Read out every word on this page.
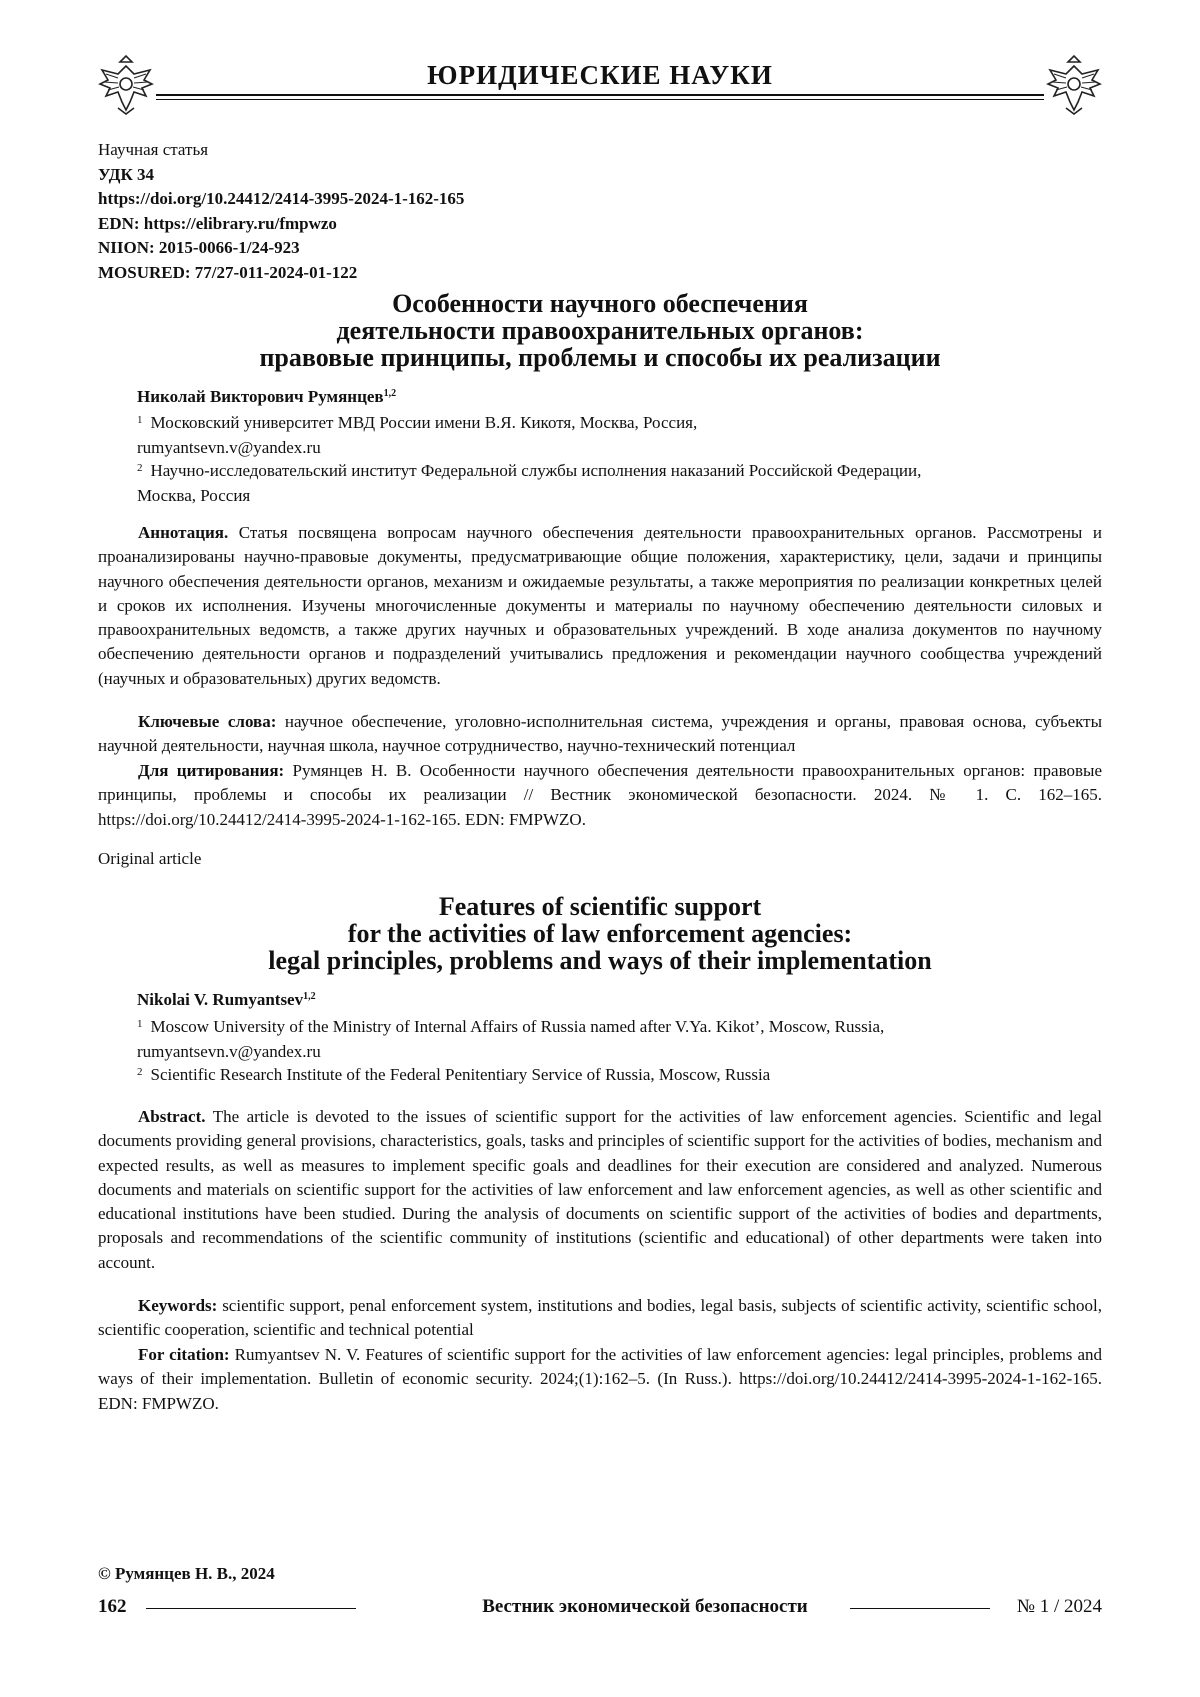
ЮРИДИЧЕСКИЕ НАУКИ
Научная статья
УДК 34
https://doi.org/10.24412/2414-3995-2024-1-162-165
EDN: https://elibrary.ru/fmpwzo
NIION: 2015-0066-1/24-923
MOSURED: 77/27-011-2024-01-122
Особенности научного обеспечения
деятельности правоохранительных органов:
правовые принципы, проблемы и способы их реализации
Николай Викторович Румянцев$^{1,2}$
$^1$ Московский университет МВД России имени В.Я. Кикотя, Москва, Россия,
rumyantsevn.v@yandex.ru
$^2$ Научно-исследовательский институт Федеральной службы исполнения наказаний Российской Федерации,
Москва, Россия

Аннотация. Статья посвящена вопросам научного обеспечения деятельности правоохранительных органов. Рассмотрены и проанализированы научно-правовые документы, предусматривающие общие положения, характеристику, цели, задачи и принципы научного обеспечения деятельности органов, механизм и ожидаемые результаты, а также мероприятия по реализации конкретных целей и сроков их исполнения. Изучены многочисленные документы и материалы по научному обеспечению деятельности силовых и правоохранительных ведомств, а также других научных и образовательных учреждений. В ходе анализа документов по научному обеспечению деятельности органов и подразделений учитывались предложения и рекомендации научного сообщества учреждений (научных и образовательных) других ведомств.

Ключевые слова: научное обеспечение, уголовно-исполнительная система, учреждения и органы, правовая основа, субъекты научной деятельности, научная школа, научное сотрудничество, научно-технический потенциал

Для цитирования: Румянцев Н. В. Особенности научного обеспечения деятельности правоохранительных органов: правовые принципы, проблемы и способы их реализации // Вестник экономической безопасности. 2024. № 1. С. 162–165. https://doi.org/10.24412/2414-3995-2024-1-162-165. EDN: FMPWZO.

Original article
Features of scientific support
for the activities of law enforcement agencies:
legal principles, problems and ways of their implementation
Nikolai V. Rumyantsev$^{1,2}$
$^1$ Moscow University of the Ministry of Internal Affairs of Russia named after V.Ya. Kikot’, Moscow, Russia,
rumyantsevn.v@yandex.ru
$^2$ Scientific Research Institute of the Federal Penitentiary Service of Russia, Moscow, Russia

Abstract. The article is devoted to the issues of scientific support for the activities of law enforcement agencies. Scientific and legal documents providing general provisions, characteristics, goals, tasks and principles of scientific support for the activities of bodies, mechanism and expected results, as well as measures to implement specific goals and deadlines for their execution are considered and analyzed. Numerous documents and materials on scientific support for the activities of law enforcement and law enforcement agencies, as well as other scientific and educational institutions have been studied. During the analysis of documents on scientific support of the activities of bodies and departments, proposals and recommendations of the scientific community of institutions (scientific and educational) of other departments were taken into account.

Keywords: scientific support, penal enforcement system, institutions and bodies, legal basis, subjects of scientific activity, scientific school, scientific cooperation, scientific and technical potential

For citation: Rumyantsev N. V. Features of scientific support for the activities of law enforcement agencies: legal principles, problems and ways of their implementation. Bulletin of economic security. 2024;(1):162–5. (In Russ.). https://doi.org/10.24412/2414-3995-2024-1-162-165. EDN: FMPWZO.

© Румянцев Н. В., 2024
162	Вестник экономической безопасности	№ 1 / 2024
